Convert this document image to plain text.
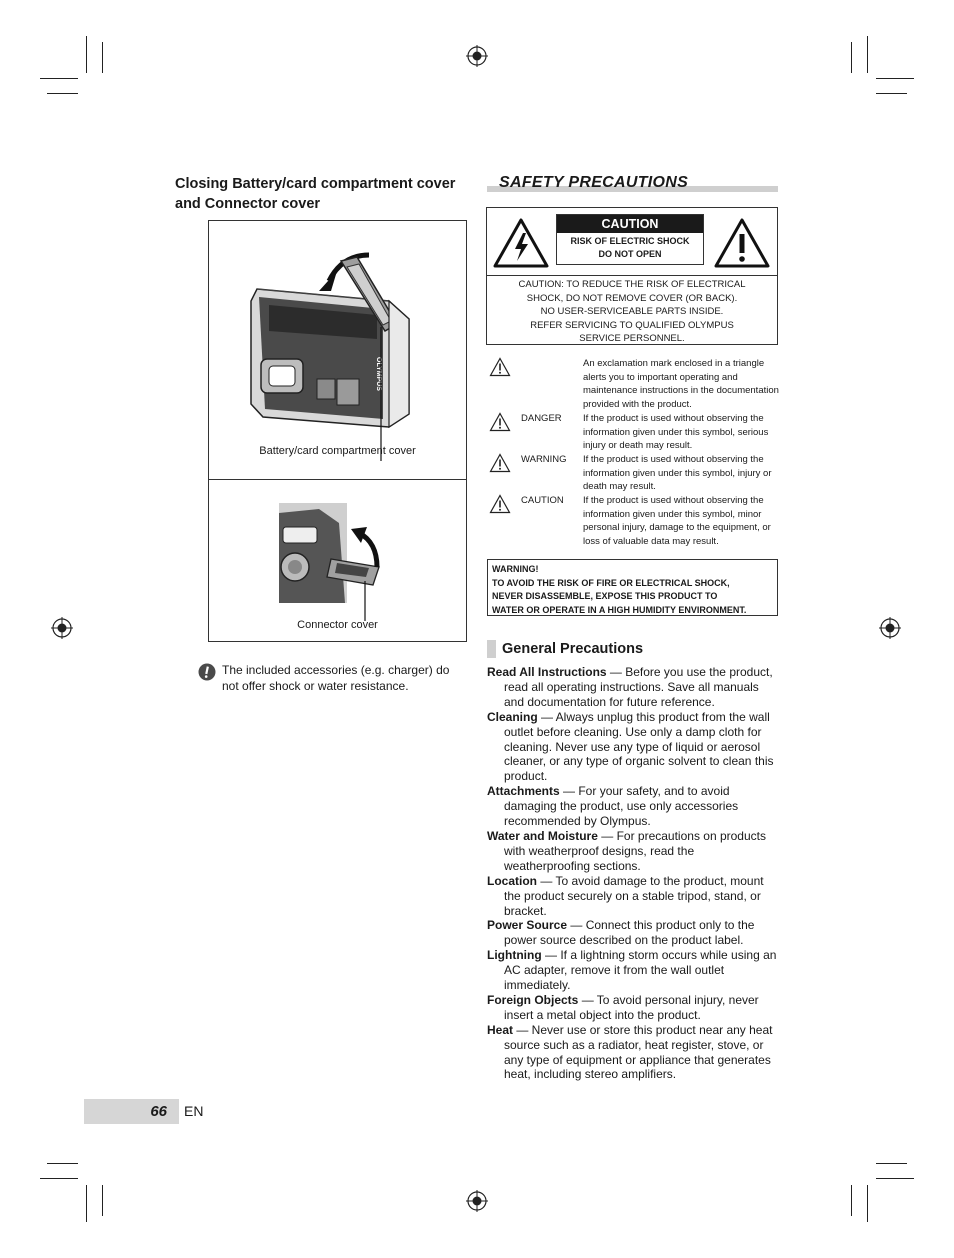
Closing Battery/card compartment cover and Connector cover
OLYMPUS
Battery/card compartment cover
Connector cover
The included accessories (e.g. charger) do not offer shock or water resistance.
SAFETY PRECAUTIONS
CAUTION
RISK OF ELECTRIC SHOCK
DO NOT OPEN
CAUTION: TO REDUCE THE RISK OF ELECTRICAL
SHOCK, DO NOT REMOVE COVER (OR BACK).
NO USER-SERVICEABLE PARTS INSIDE.
REFER SERVICING TO QUALIFIED OLYMPUS
SERVICE PERSONNEL.
An exclamation mark enclosed in a triangle alerts you to important operating and maintenance instructions in the documentation provided with the product.
DANGER If the product is used without observing the information given under this symbol, serious injury or death may result.
WARNING If the product is used without observing the information given under this symbol, injury or death may result.
CAUTION If the product is used without observing the information given under this symbol, minor personal injury, damage to the equipment, or loss of valuable data may result.
WARNING!
TO AVOID THE RISK OF FIRE OR ELECTRICAL SHOCK,
NEVER DISASSEMBLE, EXPOSE THIS PRODUCT TO
WATER OR OPERATE IN A HIGH HUMIDITY ENVIRONMENT.
General Precautions
Read All Instructions — Before you use the product, read all operating instructions. Save all manuals and documentation for future reference.
Cleaning — Always unplug this product from the wall outlet before cleaning. Use only a damp cloth for cleaning. Never use any type of liquid or aerosol cleaner, or any type of organic solvent to clean this product.
Attachments — For your safety, and to avoid damaging the product, use only accessories recommended by Olympus.
Water and Moisture — For precautions on products with weatherproof designs, read the weatherproofing sections.
Location — To avoid damage to the product, mount the product securely on a stable tripod, stand, or bracket.
Power Source — Connect this product only to the power source described on the product label.
Lightning — If a lightning storm occurs while using an AC adapter, remove it from the wall outlet immediately.
Foreign Objects — To avoid personal injury, never insert a metal object into the product.
Heat — Never use or store this product near any heat source such as a radiator, heat register, stove, or any type of equipment or appliance that generates heat, including stereo amplifiers.
66 EN
